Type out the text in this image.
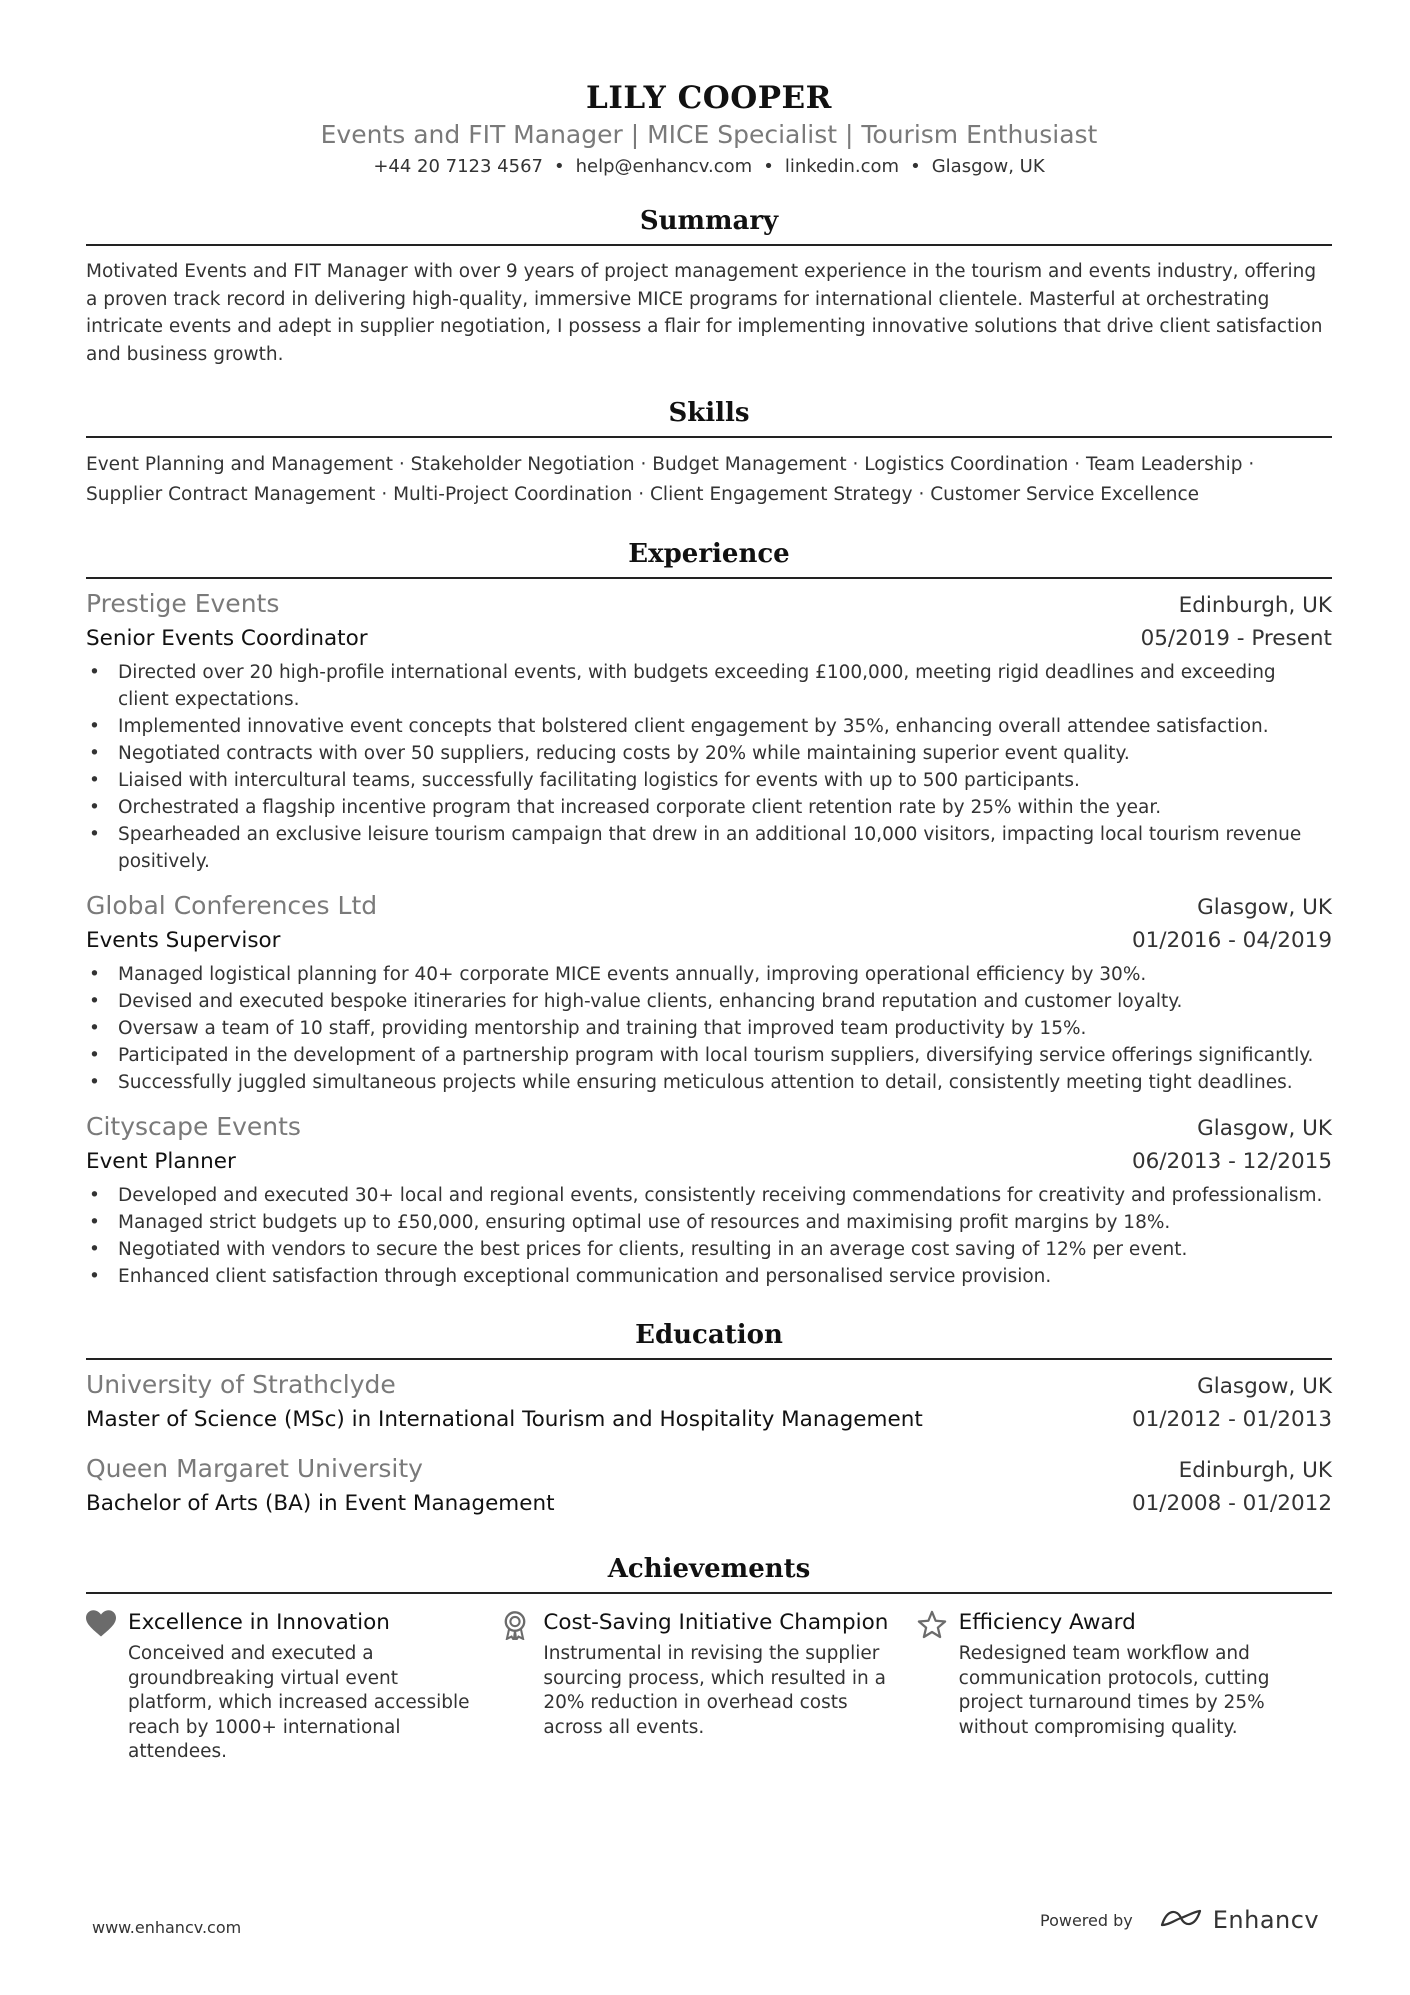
LILY COOPER
Events and FIT Manager | MICE Specialist | Tourism Enthusiast
+44 20 7123 4567 • help@enhancv.com • linkedin.com • Glasgow, UK
Summary
Motivated Events and FIT Manager with over 9 years of project management experience in the tourism and events industry, offering a proven track record in delivering high-quality, immersive MICE programs for international clientele. Masterful at orchestrating intricate events and adept in supplier negotiation, I possess a flair for implementing innovative solutions that drive client satisfaction and business growth.
Skills
Event Planning and Management · Stakeholder Negotiation · Budget Management · Logistics Coordination · Team Leadership · Supplier Contract Management · Multi-Project Coordination · Client Engagement Strategy · Customer Service Excellence
Experience
Prestige Events	Edinburgh, UK
Senior Events Coordinator	05/2019 - Present
• Directed over 20 high-profile international events, with budgets exceeding £100,000, meeting rigid deadlines and exceeding client expectations.
• Implemented innovative event concepts that bolstered client engagement by 35%, enhancing overall attendee satisfaction.
• Negotiated contracts with over 50 suppliers, reducing costs by 20% while maintaining superior event quality.
• Liaised with intercultural teams, successfully facilitating logistics for events with up to 500 participants.
• Orchestrated a flagship incentive program that increased corporate client retention rate by 25% within the year.
• Spearheaded an exclusive leisure tourism campaign that drew in an additional 10,000 visitors, impacting local tourism revenue positively.
Global Conferences Ltd	Glasgow, UK
Events Supervisor	01/2016 - 04/2019
• Managed logistical planning for 40+ corporate MICE events annually, improving operational efficiency by 30%.
• Devised and executed bespoke itineraries for high-value clients, enhancing brand reputation and customer loyalty.
• Oversaw a team of 10 staff, providing mentorship and training that improved team productivity by 15%.
• Participated in the development of a partnership program with local tourism suppliers, diversifying service offerings significantly.
• Successfully juggled simultaneous projects while ensuring meticulous attention to detail, consistently meeting tight deadlines.
Cityscape Events	Glasgow, UK
Event Planner	06/2013 - 12/2015
• Developed and executed 30+ local and regional events, consistently receiving commendations for creativity and professionalism.
• Managed strict budgets up to £50,000, ensuring optimal use of resources and maximising profit margins by 18%.
• Negotiated with vendors to secure the best prices for clients, resulting in an average cost saving of 12% per event.
• Enhanced client satisfaction through exceptional communication and personalised service provision.
Education
University of Strathclyde	Glasgow, UK
Master of Science (MSc) in International Tourism and Hospitality Management	01/2012 - 01/2013
Queen Margaret University	Edinburgh, UK
Bachelor of Arts (BA) in Event Management	01/2008 - 01/2012
Achievements
Excellence in Innovation
Conceived and executed a groundbreaking virtual event platform, which increased accessible reach by 1000+ international attendees.
Cost-Saving Initiative Champion
Instrumental in revising the supplier sourcing process, which resulted in a 20% reduction in overhead costs across all events.
Efficiency Award
Redesigned team workflow and communication protocols, cutting project turnaround times by 25% without compromising quality.
www.enhancv.com	Powered by	Enhancv
